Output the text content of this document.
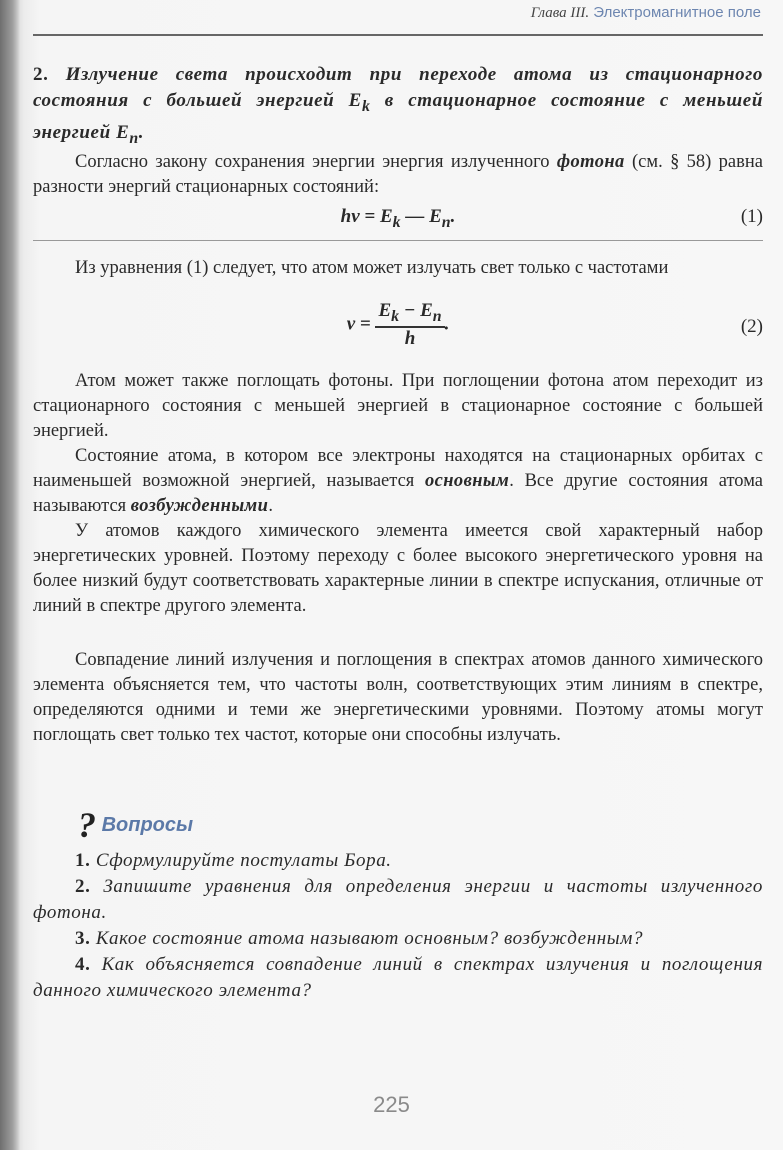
Глава III. Электромагнитное поле

2. Излучение света происходит при переходе атома из стационарного состояния с большей энергией $E_k$ в стационарное состояние с меньшей энергией $E_n$.

Согласно закону сохранения энергии энергия излученного фотона (см. § 58) равна разности энергий стационарных состояний:

$h\nu = E_k$ — $E_n$.	(1)

Из уравнения (1) следует, что атом может излучать свет только с частотами

$\nu = \frac{E_k - E_n}{h}$ .	(2)

Атом может также поглощать фотоны. При поглощении фотона атом переходит из стационарного состояния с меньшей энергией в стационарное состояние с большей энергией.

Состояние атома, в котором все электроны находятся на стационарных орбитах с наименьшей возможной энергией, называется основным. Все другие состояния атома называются возбужденными.

У атомов каждого химического элемента имеется свой характерный набор энергетических уровней. Поэтому переходу с более высокого энергетического уровня на более низкий будут соответствовать характерные линии в спектре испускания, отличные от линий в спектре другого элемента.

Совпадение линий излучения и поглощения в спектрах атомов данного химического элемента объясняется тем, что частоты волн, соответствующих этим линиям в спектре, определяются одними и теми же энергетическими уровнями. Поэтому атомы могут поглощать свет только тех частот, которые они способны излучать.

? Вопросы

1. Сформулируйте постулаты Бора.

2. Запишите уравнения для определения энергии и частоты излученного фотона.

3. Какое состояние атома называют основным? возбужденным?

4. Как объясняется совпадение линий в спектрах излучения и поглощения данного химического элемента?

225
